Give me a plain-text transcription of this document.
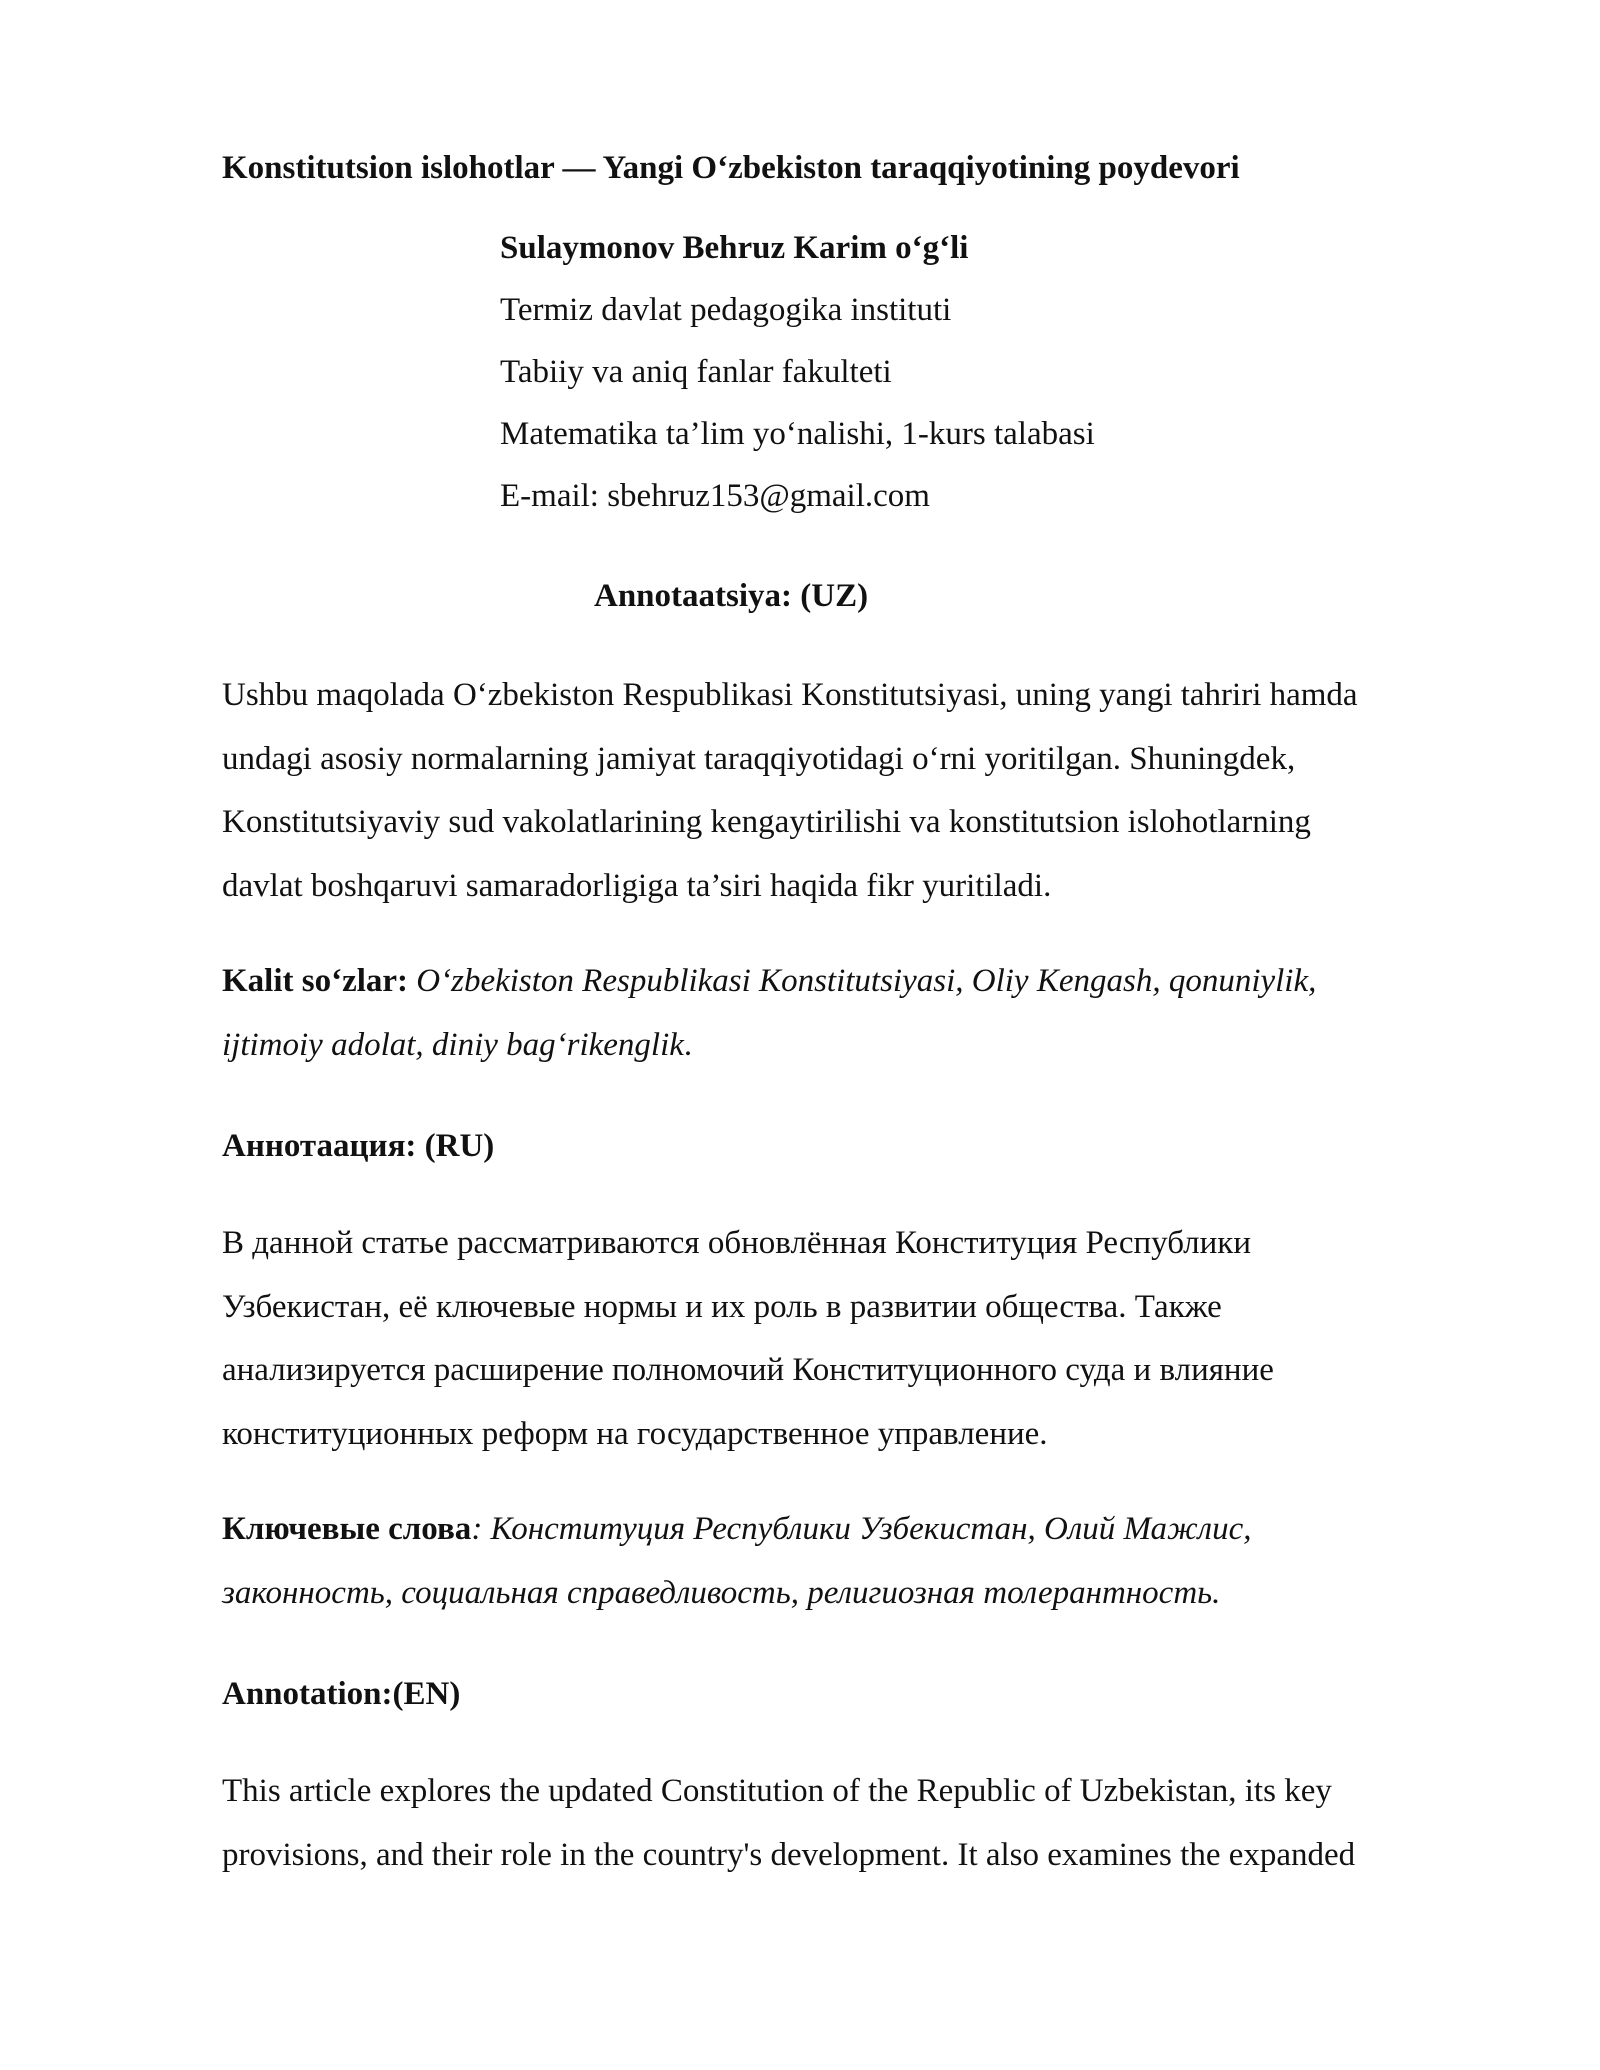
Konstitutsion islohotlar — Yangi O‘zbekiston taraqqiyotining poydevori
Sulaymonov Behruz Karim o‘g‘li
Termiz davlat pedagogika instituti
Tabiiy va aniq fanlar fakulteti
Matematika ta’lim yo‘nalishi, 1-kurs talabasi
E-mail: sbehruz153@gmail.com
Annotaatsiya: (UZ)

Ushbu maqolada O‘zbekiston Respublikasi Konstitutsiyasi, uning yangi tahriri hamda

undagi asosiy normalarning jamiyat taraqqiyotidagi o‘rni yoritilgan. Shuningdek,

Konstitutsiyaviy sud vakolatlarining kengaytirilishi va konstitutsion islohotlarning

davlat boshqaruvi samaradorligiga ta’siri haqida fikr yuritiladi.

Kalit so‘zlar: O‘zbekiston Respublikasi Konstitutsiyasi, Oliy Kengash, qonuniylik,

ijtimoiy adolat, diniy bag‘rikenglik.

Аннотаация: (RU)

В данной статье рассматриваются обновлённая Конституция Республики

Узбекистан, её ключевые нормы и их роль в развитии общества. Также

анализируется расширение полномочий Конституционного суда и влияние

конституционных реформ на государственное управление.

Ключевые слова: Конституция Республики Узбекистан, Олий Мажлис,

законность, социальная справедливость, религиозная толерантность.

Annotation:(EN)

This article explores the updated Constitution of the Republic of Uzbekistan, its key

provisions, and their role in the country's development. It also examines the expanded
